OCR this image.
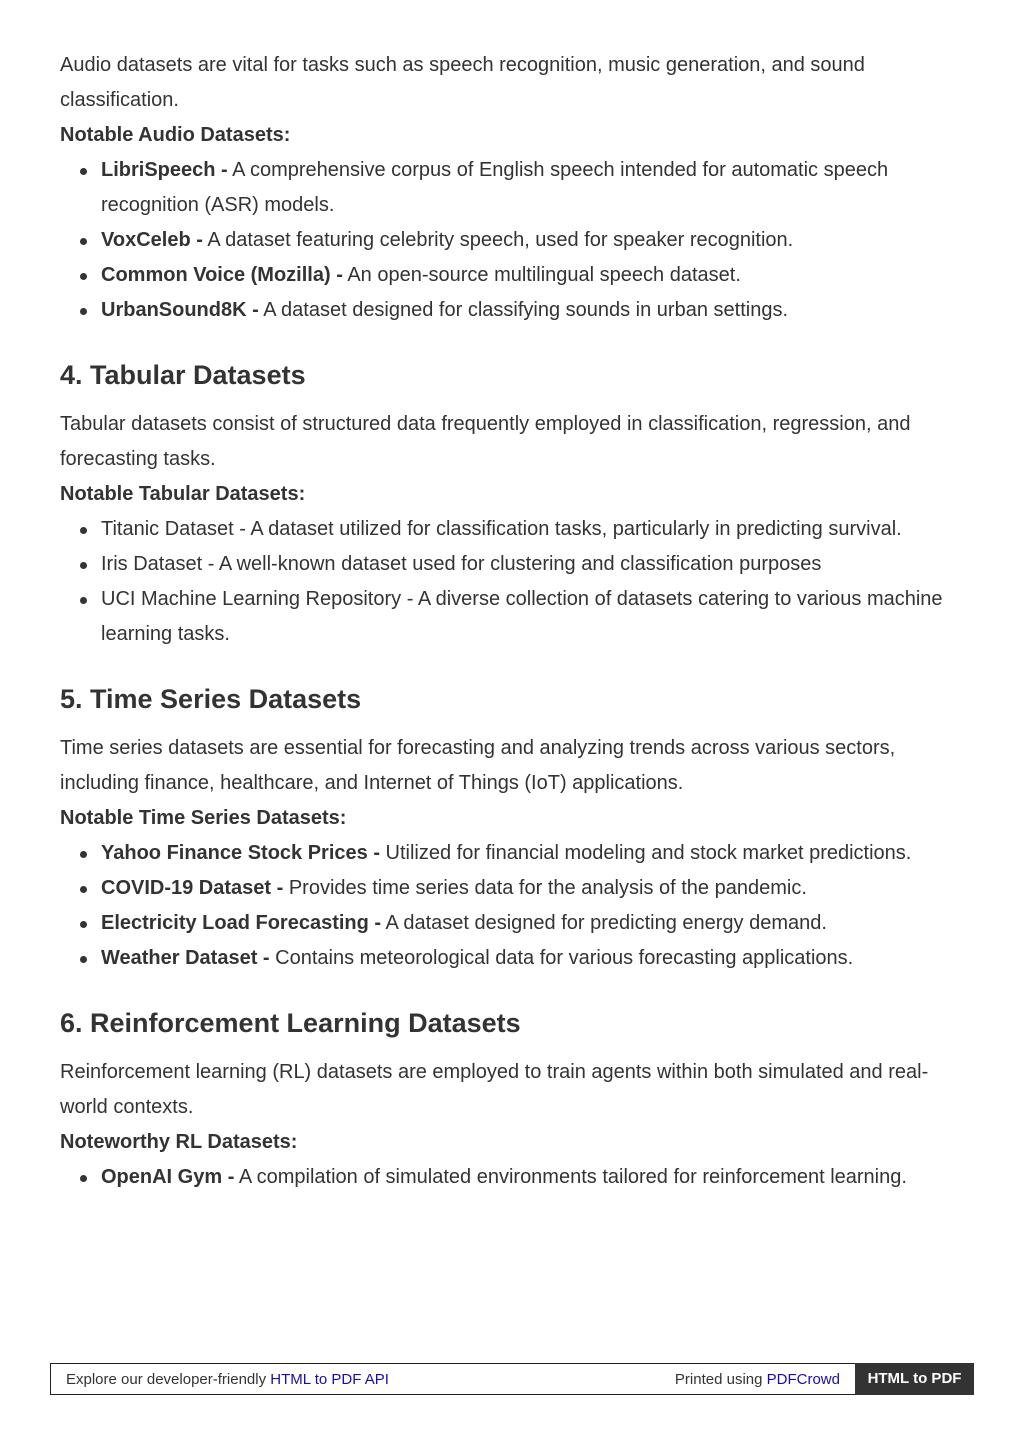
Audio datasets are vital for tasks such as speech recognition, music generation, and sound classification.

Notable Audio Datasets:

LibriSpeech - A comprehensive corpus of English speech intended for automatic speech recognition (ASR) models.
VoxCeleb - A dataset featuring celebrity speech, used for speaker recognition.
Common Voice (Mozilla) - An open-source multilingual speech dataset.
UrbanSound8K - A dataset designed for classifying sounds in urban settings.
4. Tabular Datasets

Tabular datasets consist of structured data frequently employed in classification, regression, and forecasting tasks.

Notable Tabular Datasets:

Titanic Dataset - A dataset utilized for classification tasks, particularly in predicting survival.
Iris Dataset - A well-known dataset used for clustering and classification purposes
UCI Machine Learning Repository - A diverse collection of datasets catering to various machine learning tasks.
5. Time Series Datasets

Time series datasets are essential for forecasting and analyzing trends across various sectors, including finance, healthcare, and Internet of Things (IoT) applications.

Notable Time Series Datasets:

Yahoo Finance Stock Prices - Utilized for financial modeling and stock market predictions.
COVID-19 Dataset - Provides time series data for the analysis of the pandemic.
Electricity Load Forecasting - A dataset designed for predicting energy demand.
Weather Dataset - Contains meteorological data for various forecasting applications.
6. Reinforcement Learning Datasets

Reinforcement learning (RL) datasets are employed to train agents within both simulated and real-world contexts.

Noteworthy RL Datasets:

OpenAI Gym - A compilation of simulated environments tailored for reinforcement learning.
Explore our developer-friendly HTML to PDF API	Printed using PDFCrowd	HTML to PDF
